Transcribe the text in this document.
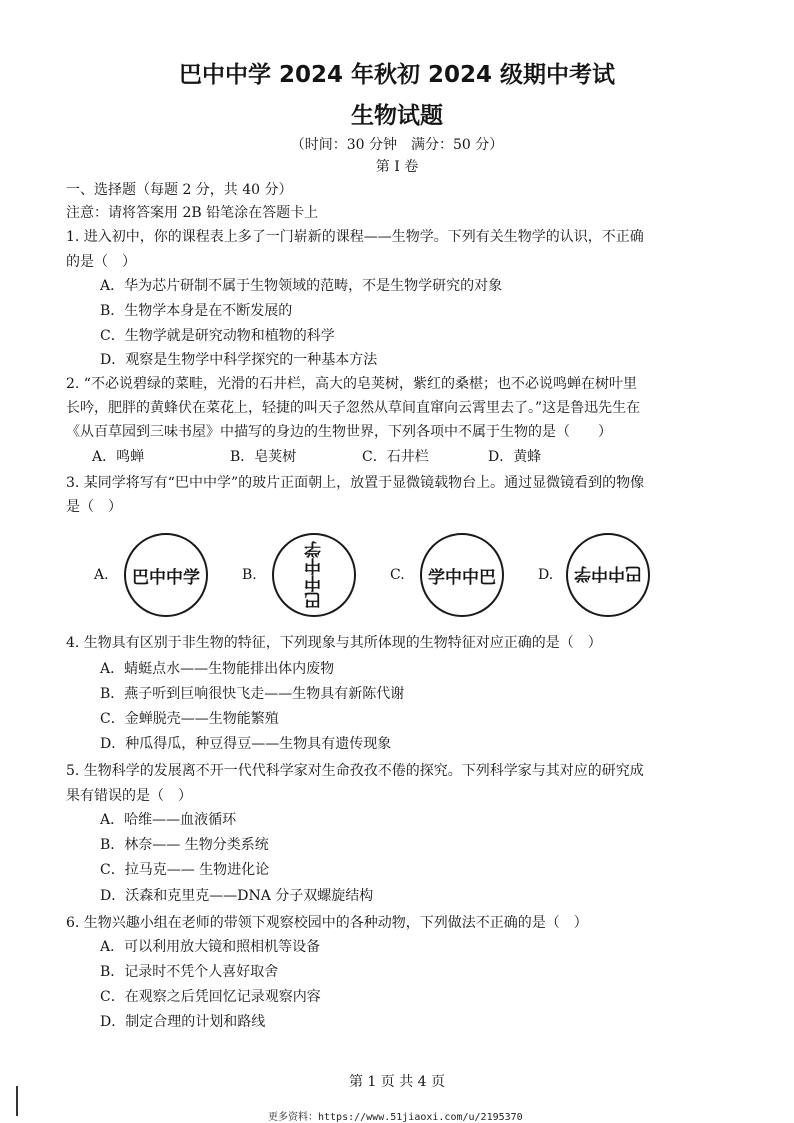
巴中中学 2024 年秋初 2024 级期中考试
生物试题
（时间：30 分钟　满分：50 分）
第 I 卷
一、选择题（每题 2 分，共 40 分）
注意：请将答案用 2B 铅笔涂在答题卡上
1. 进入初中，你的课程表上多了一门崭新的课程——生物学。下列有关生物学的认识，不正确
的是（　）
A．华为芯片研制不属于生物领域的范畴，不是生物学研究的对象
B．生物学本身是在不断发展的
C．生物学就是研究动物和植物的科学
D．观察是生物学中科学探究的一种基本方法
2. “不必说碧绿的菜畦，光滑的石井栏，高大的皂荚树，紫红的桑椹；也不必说鸣蝉在树叶里
长吟，肥胖的黄蜂伏在菜花上，轻捷的叫天子忽然从草间直窜向云霄里去了。”这是鲁迅先生在
《从百草园到三味书屋》中描写的身边的生物世界，下列各项中不属于生物的是（　　）
A．鸣蝉	B．皂荚树	C．石井栏	D．黄蜂
3. 某同学将写有“巴中中学”的玻片正面朝上，放置于显微镜载物台上。通过显微镜看到的物像
是（　）
A. 巴中中学	B.	巴中中学	C. 学中中巴	D. 巴中中学
4. 生物具有区别于非生物的特征，下列现象与其所体现的生物特征对应正确的是（　）
A．蜻蜓点水——生物能排出体内废物
B．燕子听到巨响很快飞走——生物具有新陈代谢
C．金蝉脱壳——生物能繁殖
D．种瓜得瓜，种豆得豆——生物具有遗传现象
5. 生物科学的发展离不开一代代科学家对生命孜孜不倦的探究。下列科学家与其对应的研究成
果有错误的是（　）
A．哈维——血液循环
B．林奈—— 生物分类系统
C．拉马克—— 生物进化论
D．沃森和克里克——DNA 分子双螺旋结构
6. 生物兴趣小组在老师的带领下观察校园中的各种动物，下列做法不正确的是（　）
A．可以利用放大镜和照相机等设备
B．记录时不凭个人喜好取舍
C．在观察之后凭回忆记录观察内容
D．制定合理的计划和路线
第 1 页 共 4 页
更多资料：https://www.51jiaoxi.com/u/2195370
